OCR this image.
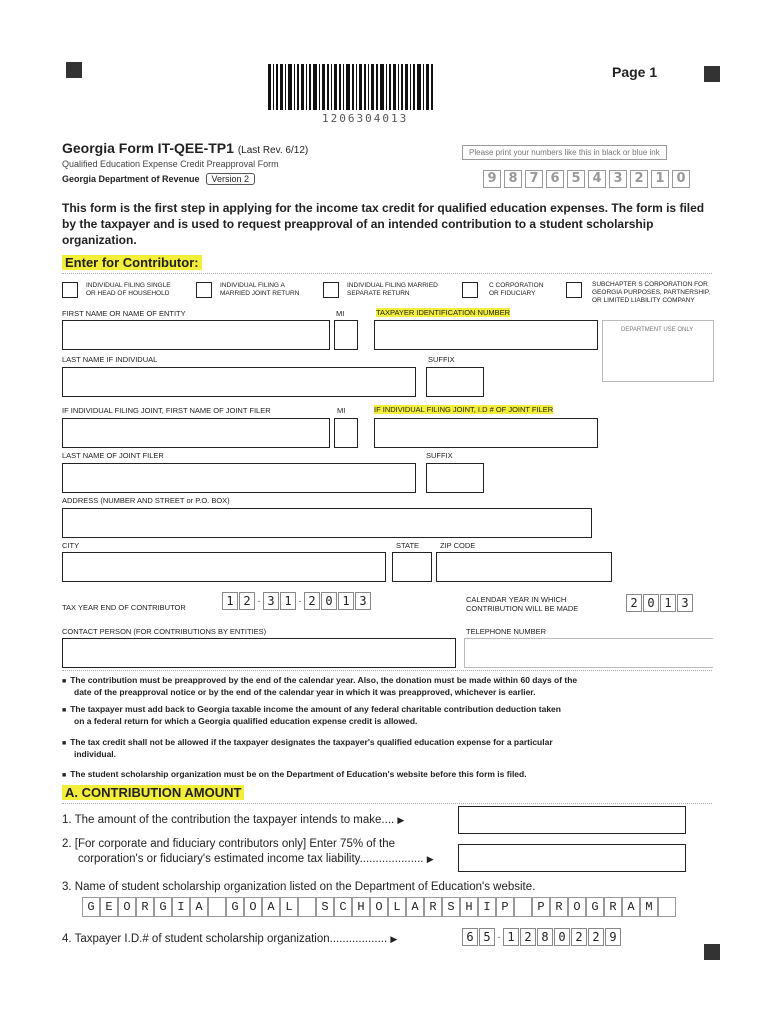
1206304013
Page 1
Georgia Form IT-QEE-TP1 (Last Rev. 6/12)
Qualified Education Expense Credit Preapproval Form
Georgia Department of Revenue Version 2
Please print your numbers like this in black or blue ink
9 8 7 6 5 4 3 2 1 0
This form is the first step in applying for the income tax credit for qualified education expenses. The form is filed by the taxpayer and is used to request preapproval of an intended contribution to a student scholarship organization.
Enter for Contributor:
INDIVIDUAL FILING SINGLE
OR HEAD OF HOUSEHOLD
INDIVIDUAL FILING A
MARRIED JOINT RETURN
INDIVIDUAL FILING MARRIED
SEPARATE RETURN
C CORPORATION
OR FIDUCIARY
SUBCHAPTER S CORPORATION FOR
GEORGIA PURPOSES, PARTNERSHIP,
OR LIMITED LIABILITY COMPANY
FIRST NAME OR NAME OF ENTITY	MI	TAXPAYER IDENTIFICATION NUMBER
DEPARTMENT USE ONLY
LAST NAME IF INDIVIDUAL	SUFFIX
IF INDIVIDUAL FILING JOINT, FIRST NAME OF JOINT FILER	MI	IF INDIVIDUAL FILING JOINT, I.D # OF JOINT FILER
LAST NAME OF JOINT FILER	SUFFIX
ADDRESS (NUMBER AND STREET or P.O. BOX)
CITY	STATE	ZIP CODE
TAX YEAR END OF CONTRIBUTOR	1 2 - 3 1 - 2 0 1 3	CALENDAR YEAR IN WHICH
CONTRIBUTION WILL BE MADE	2 0 1 3
CONTACT PERSON (FOR CONTRIBUTIONS BY ENTITIES)	TELEPHONE NUMBER
■ The contribution must be preapproved by the end of the calendar year. Also, the donation must be made within 60 days of the
date of the preapproval notice or by the end of the calendar year in which it was preapproved, whichever is earlier.
■ The taxpayer must add back to Georgia taxable income the amount of any federal charitable contribution deduction taken
on a federal return for which a Georgia qualified education expense credit is allowed.
■ The tax credit shall not be allowed if the taxpayer designates the taxpayer's qualified education expense for a particular
individual.
■ The student scholarship organization must be on the Department of Education's website before this form is filed.
A. CONTRIBUTION AMOUNT
1. The amount of the contribution the taxpayer intends to make.... ▶
2. [For corporate and fiduciary contributors only] Enter 75% of the
corporation's or fiduciary's estimated income tax liability.................... ▶
3. Name of student scholarship organization listed on the Department of Education's website.
G E O R G I A	G O A L	S C H O L A R S H I P	P R O G R A M
4. Taxpayer I.D.# of student scholarship organization.................. ▶	6 5 - 1 2 8 0 2 2 9
